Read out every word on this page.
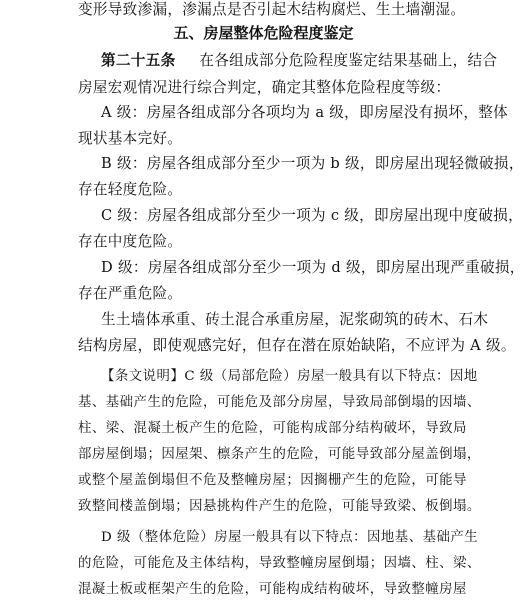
变形导致渗漏，渗漏点是否引起木结构腐烂、生土墙潮湿。
五、房屋整体危险程度鉴定
第二十五条 在各组成部分危险程度鉴定结果基础上，结合
房屋宏观情况进行综合判定，确定其整体危险程度等级：
A 级：房屋各组成部分各项均为 a 级，即房屋没有损坏，整体
现状基本完好。
B 级：房屋各组成部分至少一项为 b 级，即房屋出现轻微破损，
存在轻度危险。
C 级：房屋各组成部分至少一项为 c 级，即房屋出现中度破损，
存在中度危险。
D 级：房屋各组成部分至少一项为 d 级，即房屋出现严重破损，
存在严重危险。
生土墙体承重、砖土混合承重房屋，泥浆砌筑的砖木、石木
结构房屋，即使观感完好，但存在潜在原始缺陷，不应评为 A 级。
【条文说明】C 级（局部危险）房屋一般具有以下特点：因地
基、基础产生的危险，可能危及部分房屋，导致局部倒塌的因墙、
柱、梁、混凝土板产生的危险，可能构成部分结构破坏，导致局
部房屋倒塌；因屋架、檩条产生的危险，可能导致部分屋盖倒塌，
或整个屋盖倒塌但不危及整幢房屋；因搁栅产生的危险，可能导
致整间楼盖倒塌；因悬挑构件产生的危险，可能导致梁、板倒塌。
D 级（整体危险）房屋一般具有以下特点：因地基、基础产生
的危险，可能危及主体结构，导致整幢房屋倒塌；因墙、柱、梁、
混凝土板或框架产生的危险，可能构成结构破坏，导致整幢房屋
